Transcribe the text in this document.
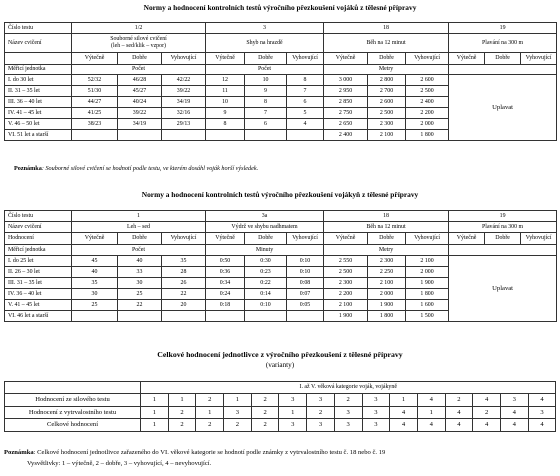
Normy a hodnocení kontrolních testů výročního přezkoušení vojáků z tělesné přípravy
Číslo testu	1/2			3			18			19		
Název cvičení	Souborné silové cvičení
(leh – sed/klik – vzpor)			Shyb na hrazdě			Běh na 12 minut			Plavání na 300 m		
	Výtečně	Dobře	Vyhovující	Výtečně	Dobře	Vyhovující	Výtečně	Dobře	Vyhovující	Výtečně	Dobře	Vyhovující
Měřicí jednotka	Počet			Počet			Metry					
I. do 30 let	52/32	46/28	42/22	12	10	8	3 000	2 800	2 600	Uplavat		
II. 31 – 35 let	51/30	45/27	39/22	11	9	7	2 950	2 700	2 500			
III. 36 – 40 let	44/27	40/24	34/19	10	8	6	2 850	2 600	2 400			
IV. 41 – 45 let	41/25	39/22	32/16	9	7	5	2 750	2 500	2 200			
V. 46 – 50 let	38/23	34/19	29/13	8	6	4	2 650	2 300	2 000			
VI. 51 let a starší							2 400	2 100	1 800			
Poznámka: Souborné silové cvičení se hodnotí podle testu, ve kterém dosáhl voják horší výsledek.
Normy a hodnocení kontrolních testů výročního přezkoušení vojákyň z tělesné přípravy
Číslo testu	1			3a			18			19		
Název cvičení	Leh – sed			Výdrž ve shybu nadhmatem			Běh na 12 minut			Plavání na 300 m		
Hodnocení	Výtečně	Dobře	Vyhovující	Výtečně	Dobře	Vyhovující	Výtečně	Dobře	Vyhovující	Výtečně	Dobře	Vyhovující
Měřicí jednotka	Počet			Minuty			Metry					
I. do 25 let	45	40	35	0:50	0:30	0:10	2 550	2 300	2 100	Uplavat		
II. 26 – 30 let	40	33	28	0:36	0:23	0:10	2 500	2 250	2 000			
III. 31 – 35 let	35	30	26	0:34	0:22	0:08	2 300	2 100	1 900			
IV. 36 – 40 let	30	25	22	0:24	0:14	0:07	2 200	2 000	1 800			
V. 41 – 45 let	25	22	20	0:18	0:10	0:05	2 100	1 900	1 600			
VI. 46 let a starší							1 900	1 800	1 500			
Celkové hodnocení jednotlivce z výročního přezkoušení z tělesné přípravy
(varianty)
	I. až V. věková kategorie voják, vojákyně														
Hodnocení ze silového testu	1	1	2	1	2	3	3	2	3	1	4	2	4	3	4
Hodnocení z vytrvalostního testu	1	2	1	3	2	1	2	3	3	4	1	4	2	4	3
Celkové hodnocení	1	2	2	2	2	3	3	3	3	4	4	4	4	4	4
Poznámka: Celkové hodnocení jednotlivce zařazeného do VI. věkové kategorie se hodnotí podle známky z vytrvalostního testu č. 18 nebo č. 19
Vysvětlivky: 1 – výtečně, 2 – dobře, 3 – vyhovující, 4 – nevyhovující.
